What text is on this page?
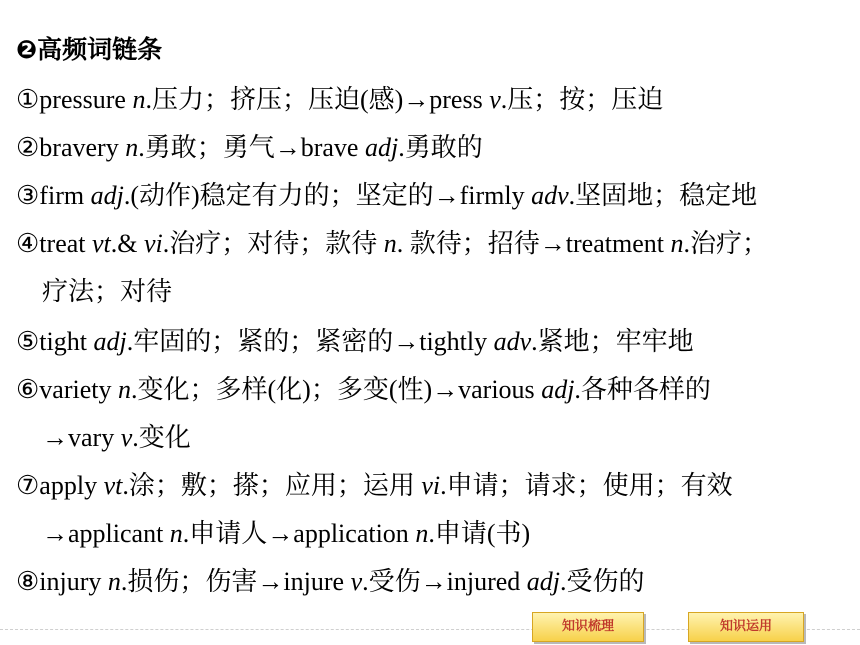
❷高频词链条
①pressure n.压力；挤压；压迫(感)→press v.压；按；压迫
②bravery n.勇敢；勇气→brave adj.勇敢的
③firm adj.(动作)稳定有力的；坚定的→firmly adv.坚固地；稳定地
④treat vt.& vi.治疗；对待；款待 n. 款待；招待→treatment n.治疗；
疗法；对待
⑤tight adj.牢固的；紧的；紧密的→tightly adv.紧地；牢牢地
⑥variety n.变化；多样(化)；多变(性)→various adj.各种各样的
→vary v.变化
⑦apply vt.涂；敷；搽；应用；运用 vi.申请；请求；使用；有效
→applicant n.申请人→application n.申请(书)
⑧injury n.损伤；伤害→injure v.受伤→injured adj.受伤的
知识梳理	知识运用
